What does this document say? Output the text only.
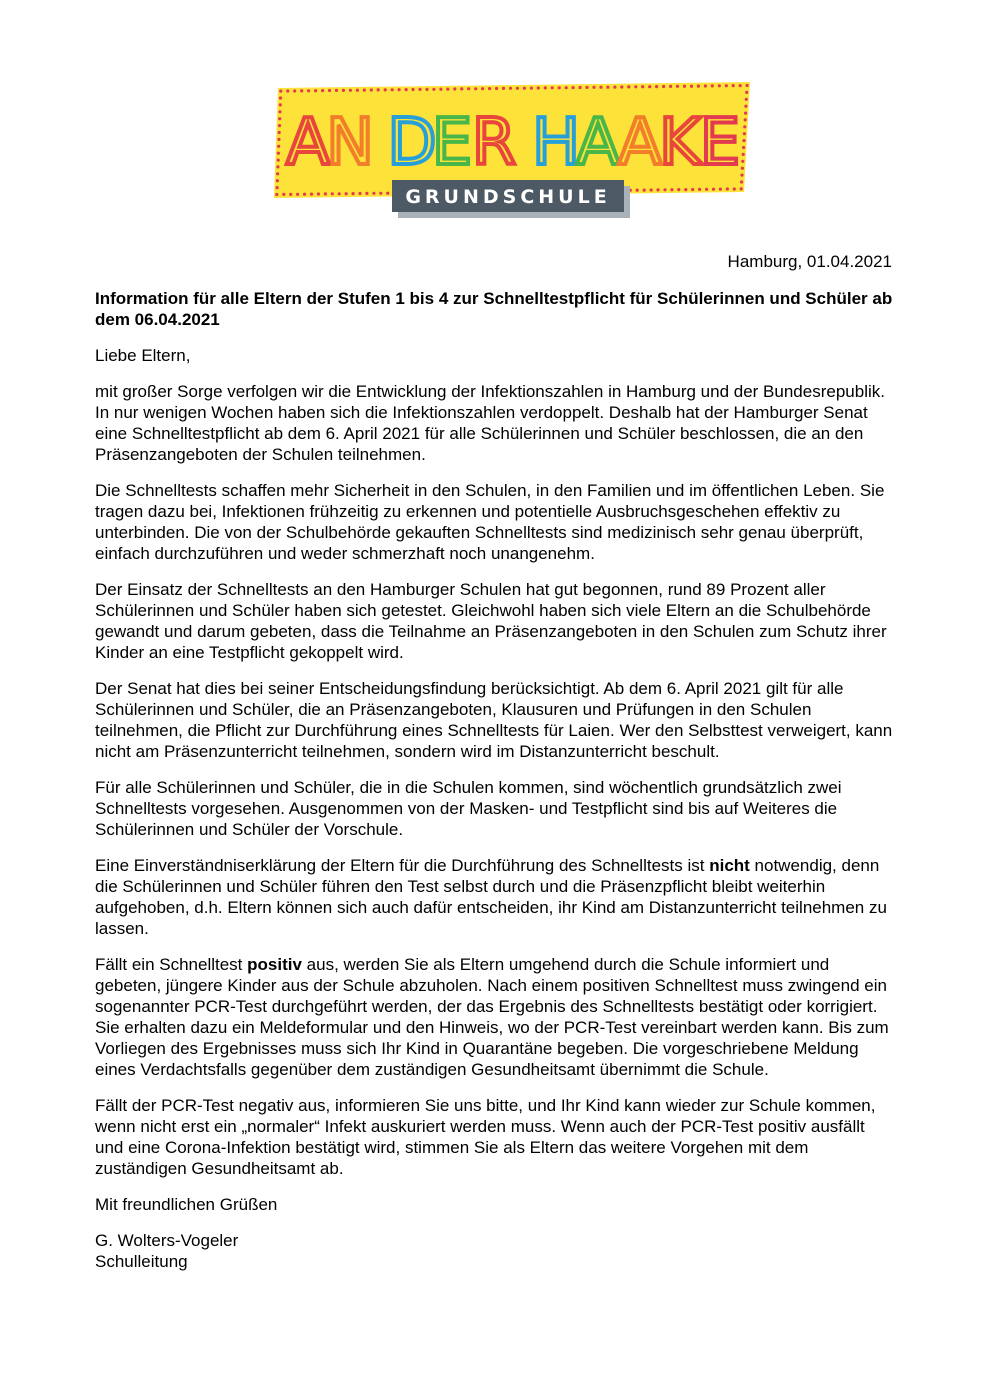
A
N D
E R H
A
A
K
E
GRUNDSCHULE
Hamburg, 01.04.2021

Information für alle Eltern der Stufen 1 bis 4 zur Schnelltestpflicht für Schülerinnen und Schüler ab dem 06.04.2021

Liebe Eltern,

mit großer Sorge verfolgen wir die Entwicklung der Infektionszahlen in Hamburg und der Bundesrepublik. In nur wenigen Wochen haben sich die Infektionszahlen verdoppelt. Deshalb hat der Hamburger Senat eine Schnelltestpflicht ab dem 6. April 2021 für alle Schülerinnen und Schüler beschlossen, die an den Präsenzangeboten der Schulen teilnehmen.

Die Schnelltests schaffen mehr Sicherheit in den Schulen, in den Familien und im öffentlichen Leben. Sie tragen dazu bei, Infektionen frühzeitig zu erkennen und potentielle Ausbruchsgeschehen effektiv zu unterbinden. Die von der Schulbehörde gekauften Schnelltests sind medizinisch sehr genau überprüft, einfach durchzuführen und weder schmerzhaft noch unangenehm.

Der Einsatz der Schnelltests an den Hamburger Schulen hat gut begonnen, rund 89 Prozent aller Schülerinnen und Schüler haben sich getestet. Gleichwohl haben sich viele Eltern an die Schulbehörde gewandt und darum gebeten, dass die Teilnahme an Präsenzangeboten in den Schulen zum Schutz ihrer Kinder an eine Testpflicht gekoppelt wird.

Der Senat hat dies bei seiner Entscheidungsfindung berücksichtigt. Ab dem 6. April 2021 gilt für alle Schülerinnen und Schüler, die an Präsenzangeboten, Klausuren und Prüfungen in den Schulen teilnehmen, die Pflicht zur Durchführung eines Schnelltests für Laien. Wer den Selbsttest verweigert, kann nicht am Präsenzunterricht teilnehmen, sondern wird im Distanzunterricht beschult.

Für alle Schülerinnen und Schüler, die in die Schulen kommen, sind wöchentlich grundsätzlich zwei Schnelltests vorgesehen. Ausgenommen von der Masken- und Testpflicht sind bis auf Weiteres die Schülerinnen und Schüler der Vorschule.

Eine Einverständniserklärung der Eltern für die Durchführung des Schnelltests ist nicht notwendig, denn die Schülerinnen und Schüler führen den Test selbst durch und die Präsenzpflicht bleibt weiterhin aufgehoben, d.h. Eltern können sich auch dafür entscheiden, ihr Kind am Distanzunterricht teilnehmen zu lassen.

Fällt ein Schnelltest positiv aus, werden Sie als Eltern umgehend durch die Schule informiert und gebeten, jüngere Kinder aus der Schule abzuholen. Nach einem positiven Schnelltest muss zwingend ein sogenannter PCR-Test durchgeführt werden, der das Ergebnis des Schnelltests bestätigt oder korrigiert. Sie erhalten dazu ein Meldeformular und den Hinweis, wo der PCR-Test vereinbart werden kann. Bis zum Vorliegen des Ergebnisses muss sich Ihr Kind in Quarantäne begeben. Die vorgeschriebene Meldung eines Verdachtsfalls gegenüber dem zuständigen Gesundheitsamt übernimmt die Schule.

Fällt der PCR-Test negativ aus, informieren Sie uns bitte, und Ihr Kind kann wieder zur Schule kommen, wenn nicht erst ein „normaler“ Infekt auskuriert werden muss. Wenn auch der PCR-Test positiv ausfällt und eine Corona-Infektion bestätigt wird, stimmen Sie als Eltern das weitere Vorgehen mit dem zuständigen Gesundheitsamt ab.

Mit freundlichen Grüßen

G. Wolters-Vogeler
Schulleitung
